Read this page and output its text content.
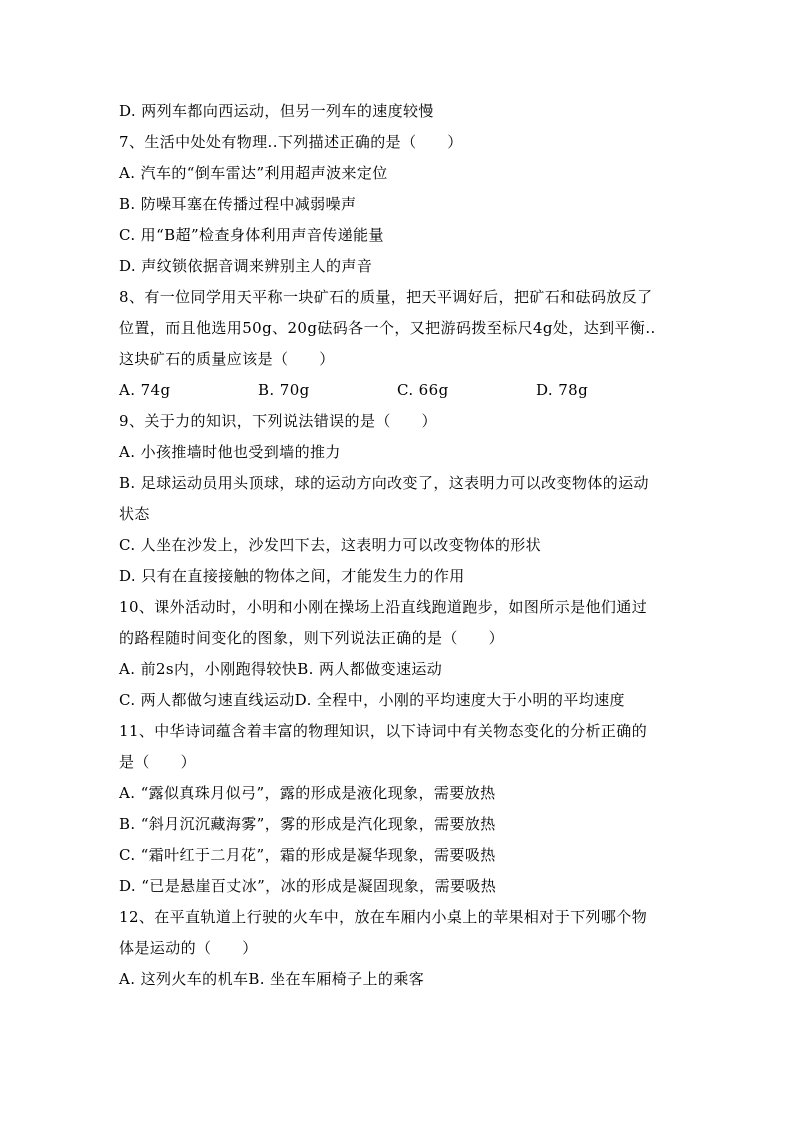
D. 两列车都向西运动，但另一列车的速度较慢
7、生活中处处有物理..下列描述正确的是（　　）
A. 汽车的“倒车雷达”利用超声波来定位
B. 防噪耳塞在传播过程中减弱噪声
C. 用“B超”检查身体利用声音传递能量
D. 声纹锁依据音调来辨别主人的声音
8、有一位同学用天平称一块矿石的质量，把天平调好后，把矿石和砝码放反了
位置，而且他选用50g、20g砝码各一个，又把游码拨至标尺4g处，达到平衡..
这块矿石的质量应该是（　　）
A. 74g	B. 70g	C. 66g	D. 78g
9、关于力的知识，下列说法错误的是（　　）
A. 小孩推墙时他也受到墙的推力
B. 足球运动员用头顶球，球的运动方向改变了，这表明力可以改变物体的运动
状态
C. 人坐在沙发上，沙发凹下去，这表明力可以改变物体的形状
D. 只有在直接接触的物体之间，才能发生力的作用
10、课外活动时，小明和小刚在操场上沿直线跑道跑步，如图所示是他们通过
的路程随时间变化的图象，则下列说法正确的是（　　）
A. 前2s内，小刚跑得较快B. 两人都做变速运动
C. 两人都做匀速直线运动D. 全程中，小刚的平均速度大于小明的平均速度
11、中华诗词蕴含着丰富的物理知识，以下诗词中有关物态变化的分析正确的
是（　　）
A. “露似真珠月似弓”，露的形成是液化现象，需要放热
B. “斜月沉沉藏海雾”，雾的形成是汽化现象，需要放热
C. “霜叶红于二月花”，霜的形成是凝华现象，需要吸热
D. “已是悬崖百丈冰”，冰的形成是凝固现象，需要吸热
12、在平直轨道上行驶的火车中，放在车厢内小桌上的苹果相对于下列哪个物
体是运动的（　　）
A. 这列火车的机车B. 坐在车厢椅子上的乘客
